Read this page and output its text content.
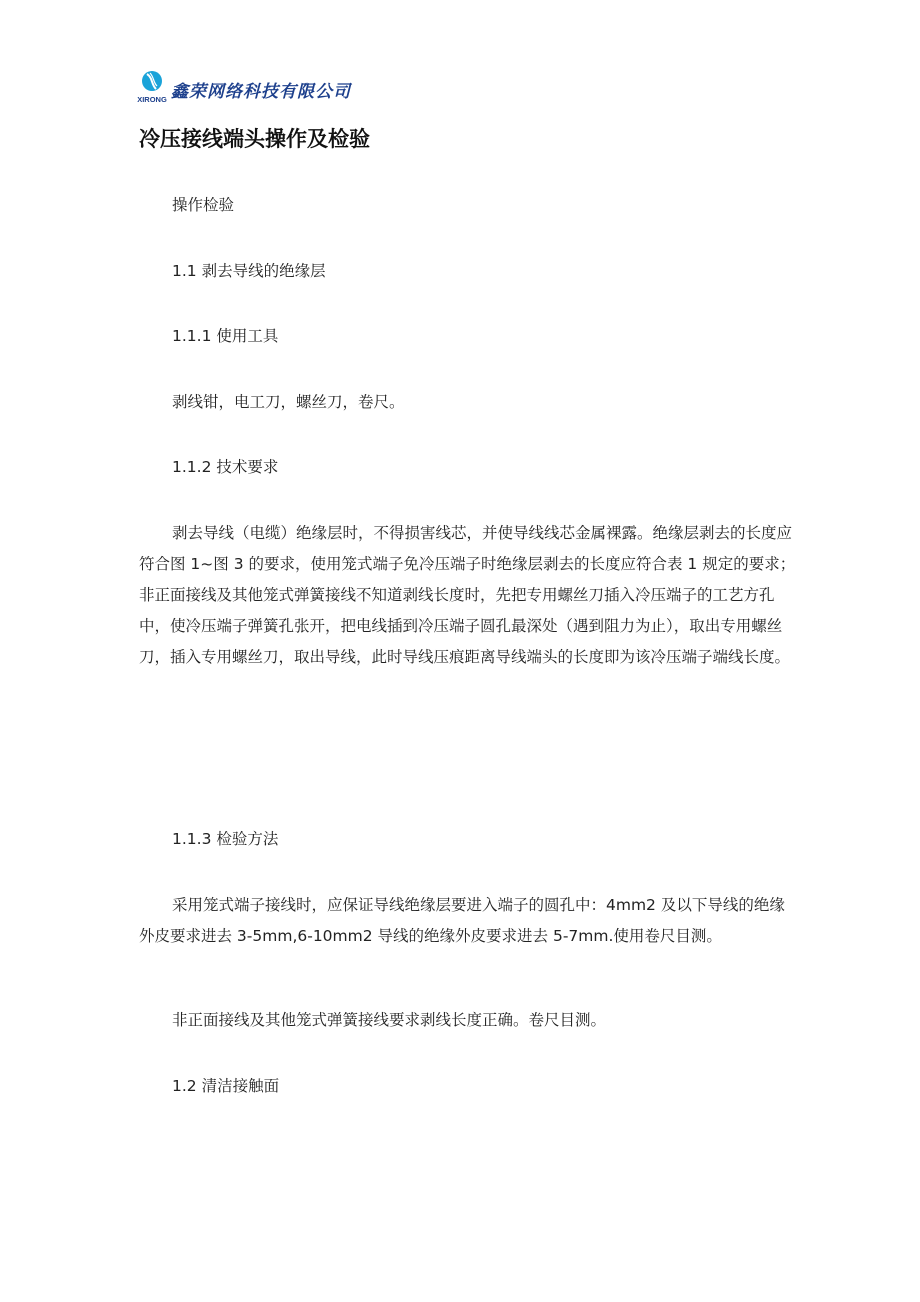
XIRONG 鑫荣网络科技有限公司
冷压接线端头操作及检验

操作检验

1.1 剥去导线的绝缘层

1.1.1 使用工具

剥线钳，电工刀，螺丝刀，卷尺。

1.1.2 技术要求

剥去导线（电缆）绝缘层时，不得损害线芯，并使导线线芯金属裸露。绝缘层剥去的长度应符合图 1~图 3 的要求，使用笼式端子免冷压端子时绝缘层剥去的长度应符合表 1 规定的要求；非正面接线及其他笼式弹簧接线不知道剥线长度时，先把专用螺丝刀插入冷压端子的工艺方孔中，使冷压端子弹簧孔张开，把电线插到冷压端子圆孔最深处（遇到阻力为止），取出专用螺丝刀，插入专用螺丝刀，取出导线，此时导线压痕距离导线端头的长度即为该冷压端子端线长度。

1.1.3 检验方法

采用笼式端子接线时，应保证导线绝缘层要进入端子的圆孔中：4mm2 及以下导线的绝缘外皮要求进去 3-5mm,6-10mm2 导线的绝缘外皮要求进去 5-7mm.使用卷尺目测。

非正面接线及其他笼式弹簧接线要求剥线长度正确。卷尺目测。

1.2 清洁接触面
